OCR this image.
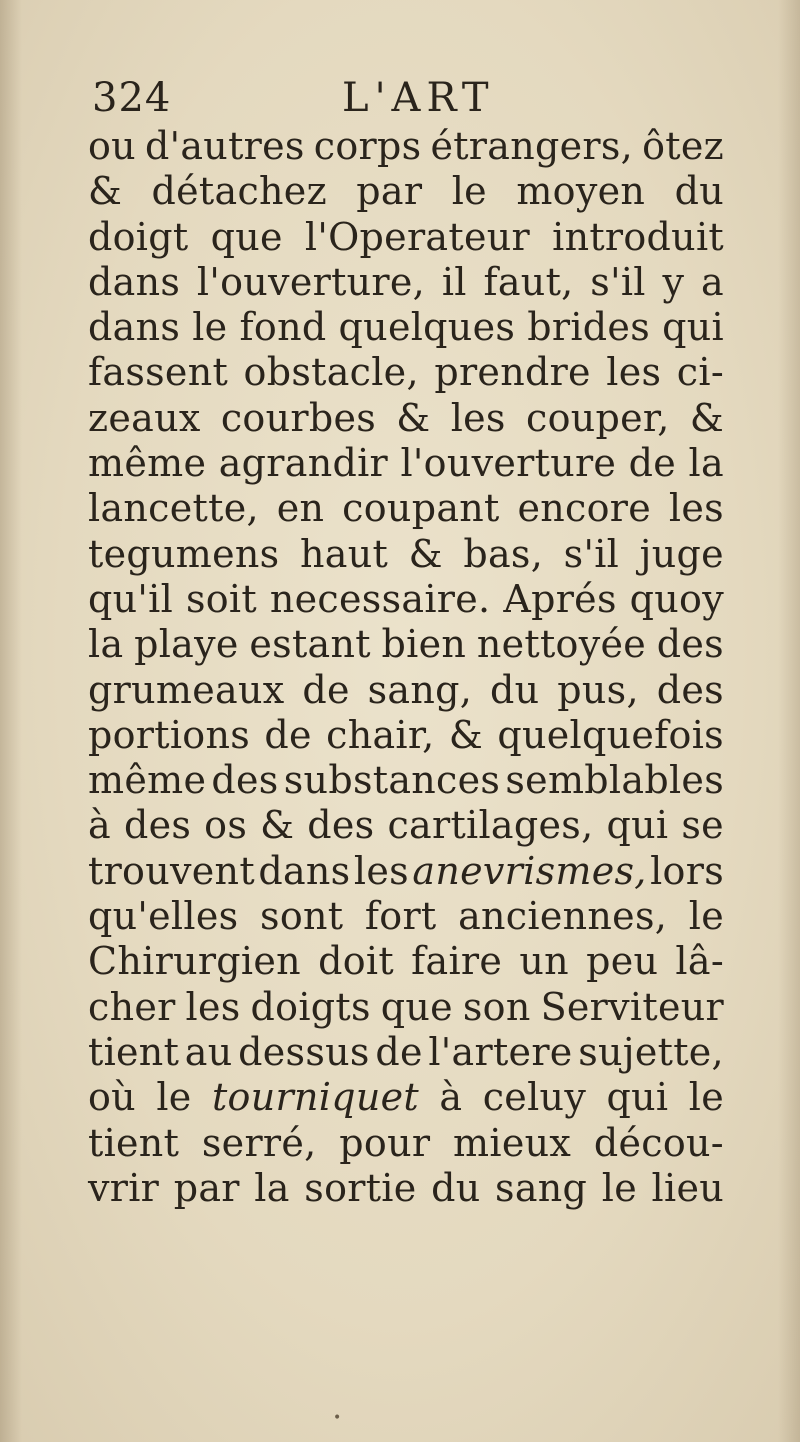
324	L'ART
ou d'autres corps étrangers, ôtez
& détachez par le moyen du
doigt que l'Operateur introduit
dans l'ouverture, il faut, s'il y a
dans le fond quelques brides qui
fassent obstacle, prendre les ci-
zeaux courbes & les couper, &
même agrandir l'ouverture de la
lancette, en coupant encore les
tegumens haut & bas, s'il juge
qu'il soit necessaire. Aprés quoy
la playe estant bien nettoyée des
grumeaux de sang, du pus, des
portions de chair, & quelquefois
même des substances semblables
à des os & des cartilages, qui se
trouvent dans les anevrismes, lors
qu'elles sont fort anciennes, le
Chirurgien doit faire un peu lâ-
cher les doigts que son Serviteur
tient au dessus de l'artere sujette,
où le tourniquet à celuy qui le
tient serré, pour mieux décou-
vrir par la sortie du sang le lieu
•
